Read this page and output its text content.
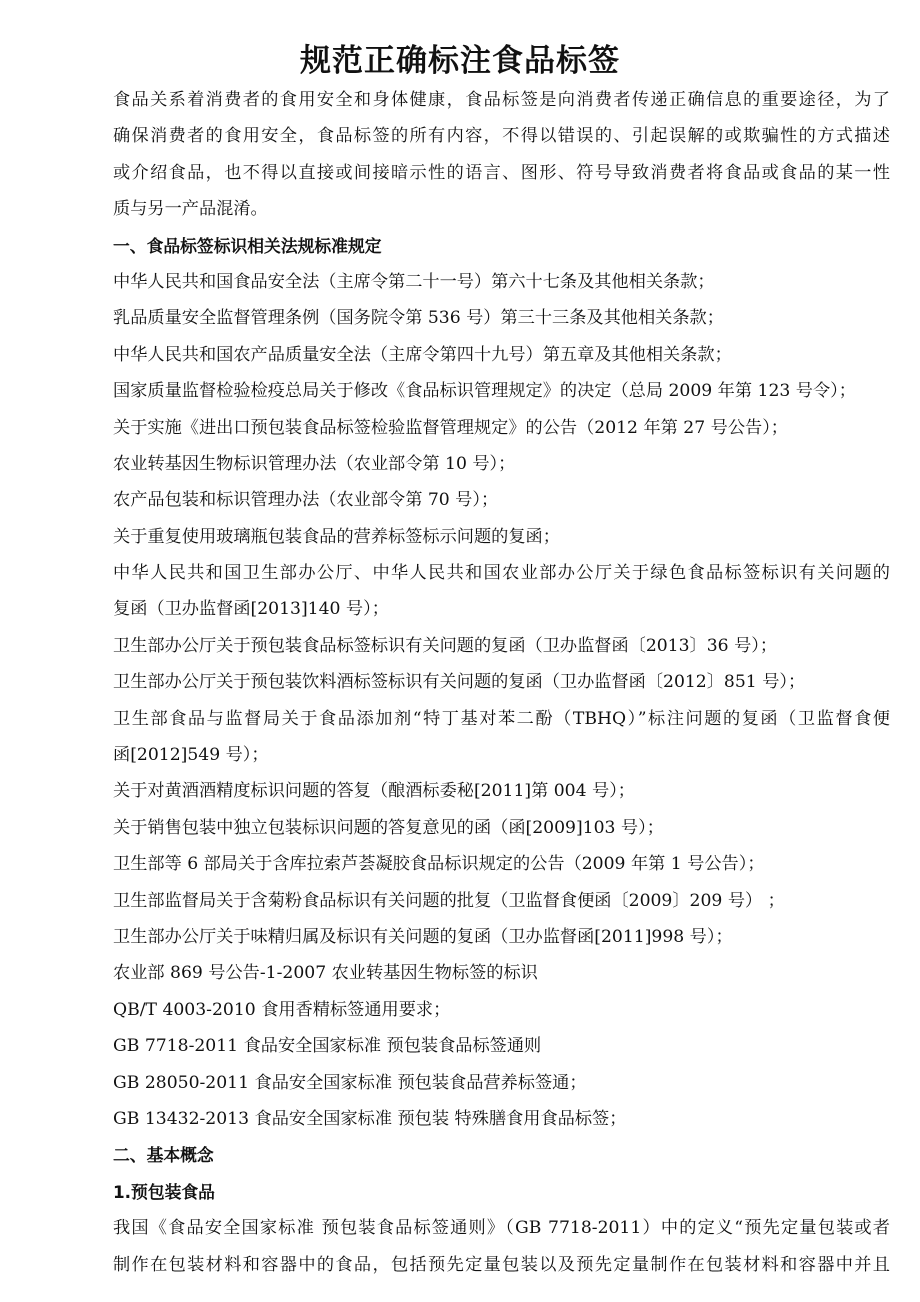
规范正确标注食品标签
食品关系着消费者的食用安全和身体健康，食品标签是向消费者传递正确信息的重要途径，为了
确保消费者的食用安全，食品标签的所有内容，不得以错误的、引起误解的或欺骗性的方式描述
或介绍食品，也不得以直接或间接暗示性的语言、图形、符号导致消费者将食品或食品的某一性
质与另一产品混淆。
一、食品标签标识相关法规标准规定
中华人民共和国食品安全法（主席令第二十一号）第六十七条及其他相关条款；
乳品质量安全监督管理条例（国务院令第 536 号）第三十三条及其他相关条款；
中华人民共和国农产品质量安全法（主席令第四十九号）第五章及其他相关条款；
国家质量监督检验检疫总局关于修改《食品标识管理规定》的决定（总局 2009 年第 123 号令）；
关于实施《进出口预包装食品标签检验监督管理规定》的公告（2012 年第 27 号公告）；
农业转基因生物标识管理办法（农业部令第 10 号）；
农产品包装和标识管理办法（农业部令第 70 号）；
关于重复使用玻璃瓶包装食品的营养标签标示问题的复函；
中华人民共和国卫生部办公厅、中华人民共和国农业部办公厅关于绿色食品标签标识有关问题的
复函（卫办监督函[2013]140 号）；
卫生部办公厅关于预包装食品标签标识有关问题的复函（卫办监督函〔2013〕36 号）；
卫生部办公厅关于预包装饮料酒标签标识有关问题的复函（卫办监督函〔2012〕851 号）；
卫生部食品与监督局关于食品添加剂“特丁基对苯二酚（TBHQ）”标注问题的复函（卫监督食便
函[2012]549 号）；
关于对黄酒酒精度标识问题的答复（酿酒标委秘[2011]第 004 号）；
关于销售包装中独立包装标识问题的答复意见的函（函[2009]103 号）；
卫生部等 6 部局关于含库拉索芦荟凝胶食品标识规定的公告（2009 年第 1 号公告）；
卫生部监督局关于含菊粉食品标识有关问题的批复（卫监督食便函〔2009〕209 号） ；
卫生部办公厅关于味精归属及标识有关问题的复函（卫办监督函[2011]998 号）；
农业部 869 号公告-1-2007 农业转基因生物标签的标识
QB/T 4003-2010 食用香精标签通用要求；
GB 7718-2011 食品安全国家标准 预包装食品标签通则
GB 28050-2011 食品安全国家标准 预包装食品营养标签通；
GB 13432-2013 食品安全国家标准 预包装 特殊膳食用食品标签；
二、基本概念
1.预包装食品
我国《食品安全国家标准 预包装食品标签通则》（GB 7718-2011）中的定义“预先定量包装或者
制作在包装材料和容器中的食品，包括预先定量包装以及预先定量制作在包装材料和容器中并且
